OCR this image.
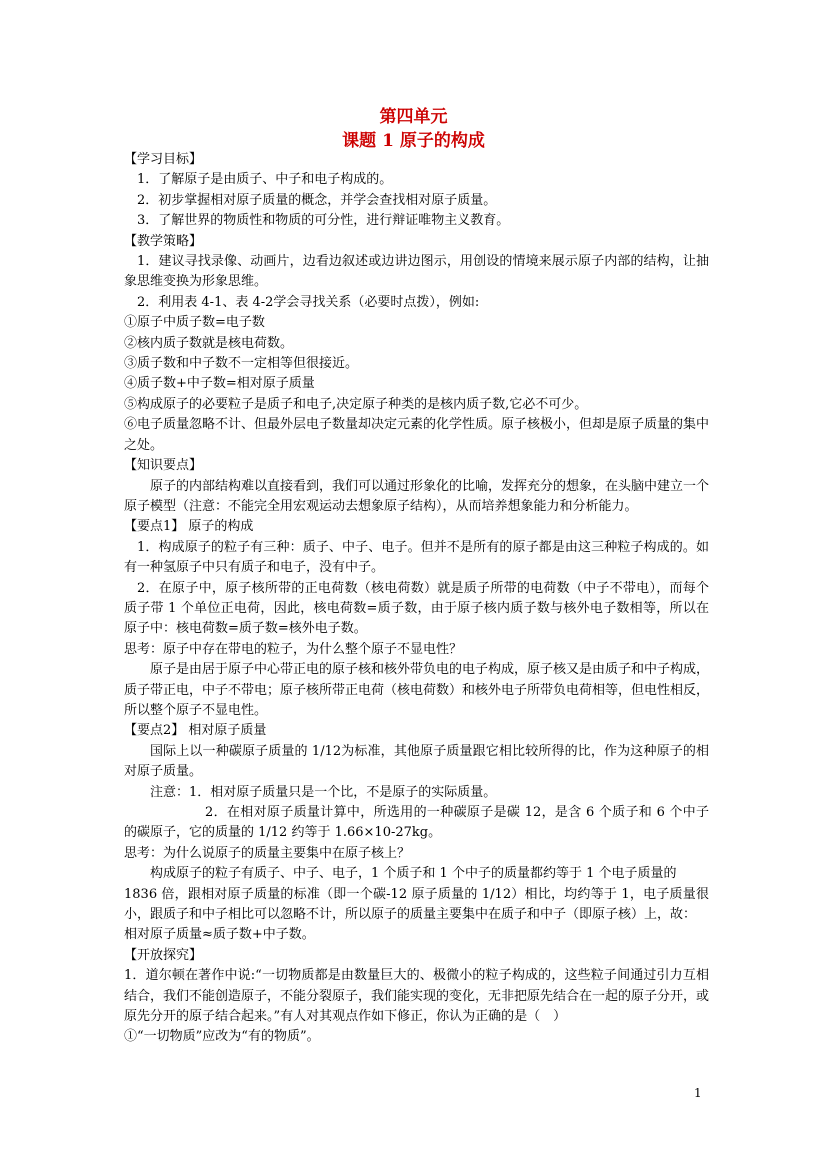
第四单元
课题 1 原子的构成

【学习目标】

1．了解原子是由质子、中子和电子构成的。

2．初步掌握相对原子质量的概念，并学会查找相对原子质量。

3．了解世界的物质性和物质的可分性，进行辩证唯物主义教育。

【教学策略】

1．建议寻找录像、动画片，边看边叙述或边讲边图示，用创设的情境来展示原子内部的结构，让抽象思维变换为形象思维。

2．利用表 4-1、表 4-2学会寻找关系（必要时点拨），例如:

①原子中质子数=电子数

②核内质子数就是核电荷数。

③质子数和中子数不一定相等但很接近。

④质子数+中子数=相对原子质量

⑤构成原子的必要粒子是质子和电子,决定原子种类的是核内质子数,它必不可少。

⑥电子质量忽略不计、但最外层电子数量却决定元素的化学性质。原子核极小，但却是原子质量的集中之处。

【知识要点】

原子的内部结构难以直接看到，我们可以通过形象化的比喻，发挥充分的想象，在头脑中建立一个原子模型（注意：不能完全用宏观运动去想象原子结构），从而培养想象能力和分析能力。

【要点1】 原子的构成

1．构成原子的粒子有三种：质子、中子、电子。但并不是所有的原子都是由这三种粒子构成的。如有一种氢原子中只有质子和电子，没有中子。

2．在原子中，原子核所带的正电荷数（核电荷数）就是质子所带的电荷数（中子不带电），而每个质子带 1 个单位正电荷，因此，核电荷数=质子数，由于原子核内质子数与核外电子数相等，所以在原子中：核电荷数=质子数=核外电子数。

思考：原子中存在带电的粒子，为什么整个原子不显电性？

原子是由居于原子中心带正电的原子核和核外带负电的电子构成，原子核又是由质子和中子构成，质子带正电，中子不带电；原子核所带正电荷（核电荷数）和核外电子所带负电荷相等，但电性相反，所以整个原子不显电性。

【要点2】 相对原子质量

国际上以一种碳原子质量的 1/12为标准，其他原子质量跟它相比较所得的比，作为这种原子的相对原子质量。

注意：1．相对原子质量只是一个比，不是原子的实际质量。

2．在相对原子质量计算中，所选用的一种碳原子是碳 12，是含 6 个质子和 6 个中子的碳原子，它的质量的 1/12 约等于 1.66×10-27kg。

思考：为什么说原子的质量主要集中在原子核上？

构成原子的粒子有质子、中子、电子，1 个质子和 1 个中子的质量都约等于 1 个电子质量的

1836 倍，跟相对原子质量的标准（即一个碳-12 原子质量的 1/12）相比，均约等于 1，电子质量很小，跟质子和中子相比可以忽略不计，所以原子的质量主要集中在质子和中子（即原子核）上，故：

相对原子质量≈质子数+中子数。

【开放探究】

1．道尔顿在著作中说:“一切物质都是由数量巨大的、极微小的粒子构成的，这些粒子间通过引力互相结合，我们不能创造原子，不能分裂原子，我们能实现的变化，无非把原先结合在一起的原子分开，或原先分开的原子结合起来。”有人对其观点作如下修正，你认为正确的是（　）

①“一切物质”应改为“有的物质”。

1
